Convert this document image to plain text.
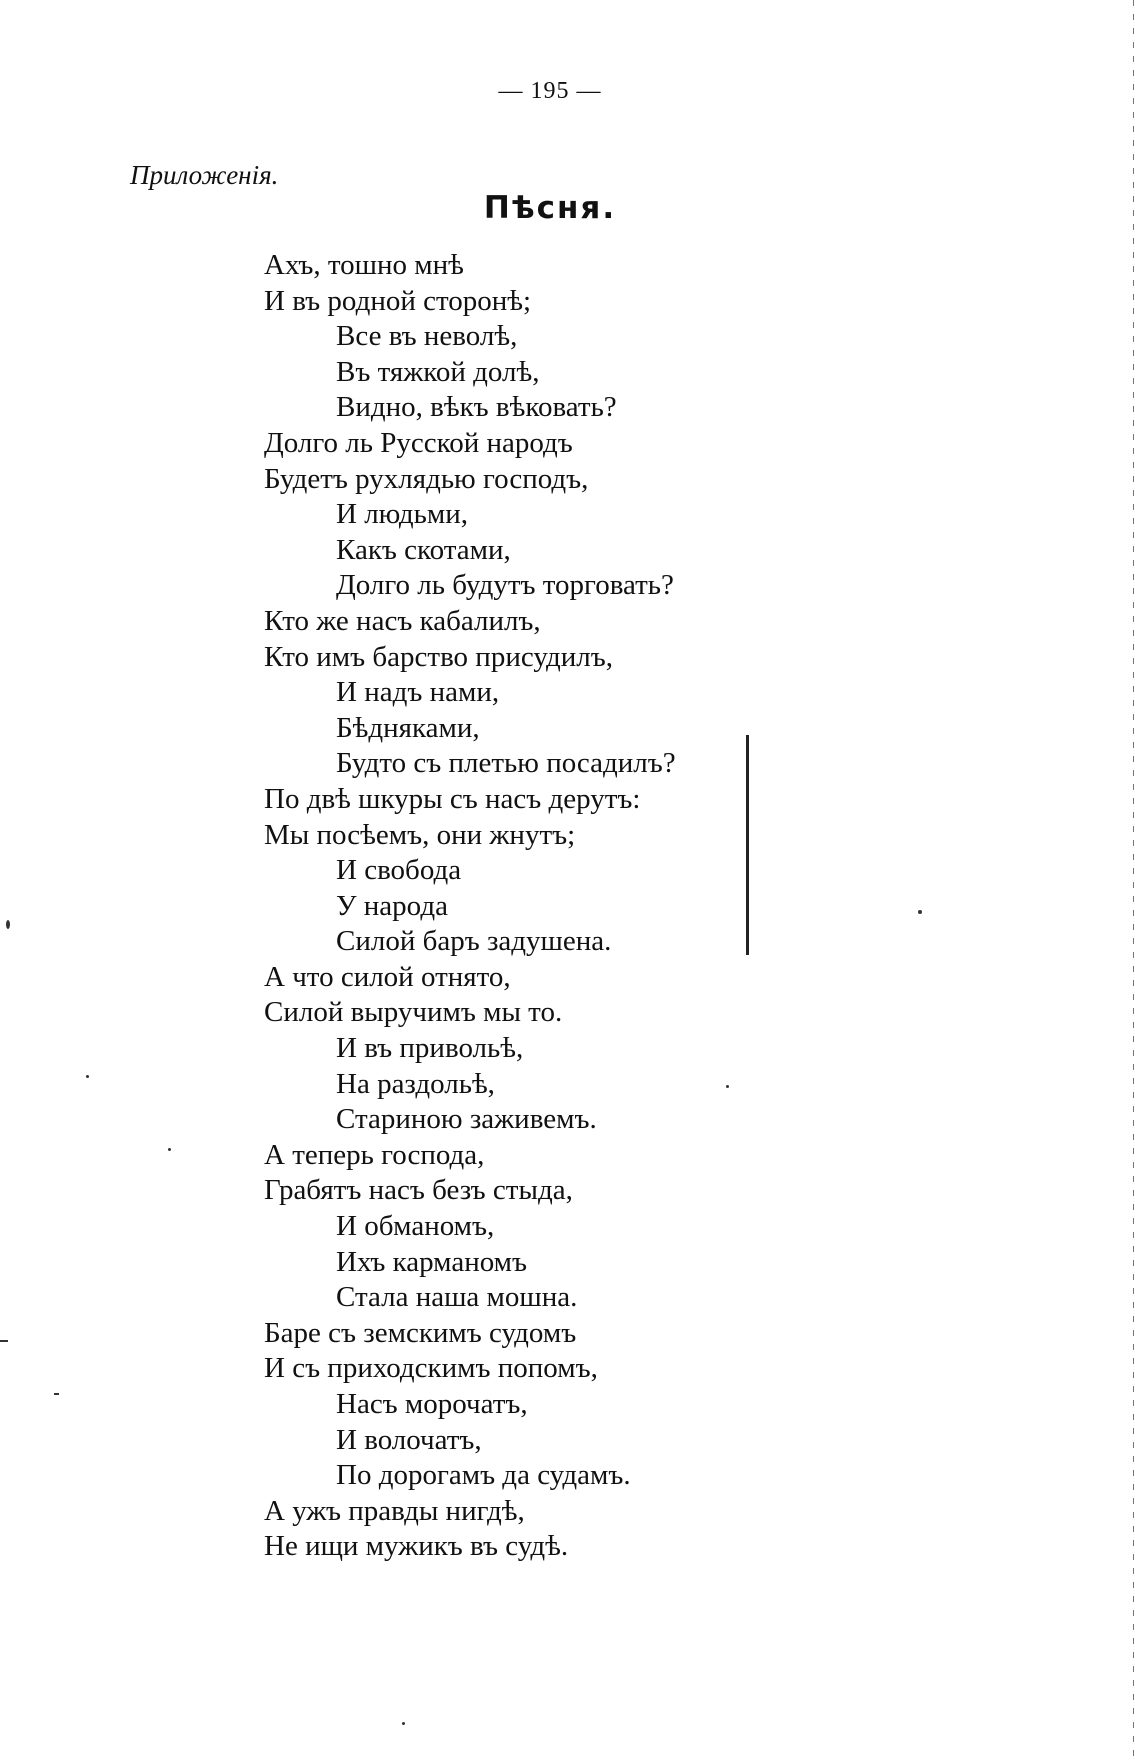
— 195 —
Приложенія.
Пѣсня.
Ахъ, тошно мнѣ
И въ родной сторонѣ;
Все въ неволѣ,
Въ тяжкой долѣ,
Видно, вѣкъ вѣковать?
Долго ль Русской народъ
Будетъ рухлядью господъ,
И людьми,
Какъ скотами,
Долго ль будутъ торговать?
Кто же насъ кабалилъ,
Кто имъ барство присудилъ,
И надъ нами,
Бѣдняками,
Будто съ плетью посадилъ?
По двѣ шкуры съ насъ дерутъ:
Мы посѣемъ, они жнутъ;
И свобода
У народа
Силой баръ задушена.
А что силой отнято,
Силой выручимъ мы то.
И въ привольѣ,
На раздольѣ,
Стариною заживемъ.
А теперь господа,
Грабятъ насъ безъ стыда,
И обманомъ,
Ихъ карманомъ
Стала наша мошна.
Баре съ земскимъ судомъ
И съ приходскимъ попомъ,
Насъ морочатъ,
И волочатъ,
По дорогамъ да судамъ.
А ужъ правды нигдѣ,
Не ищи мужикъ въ судѣ.
